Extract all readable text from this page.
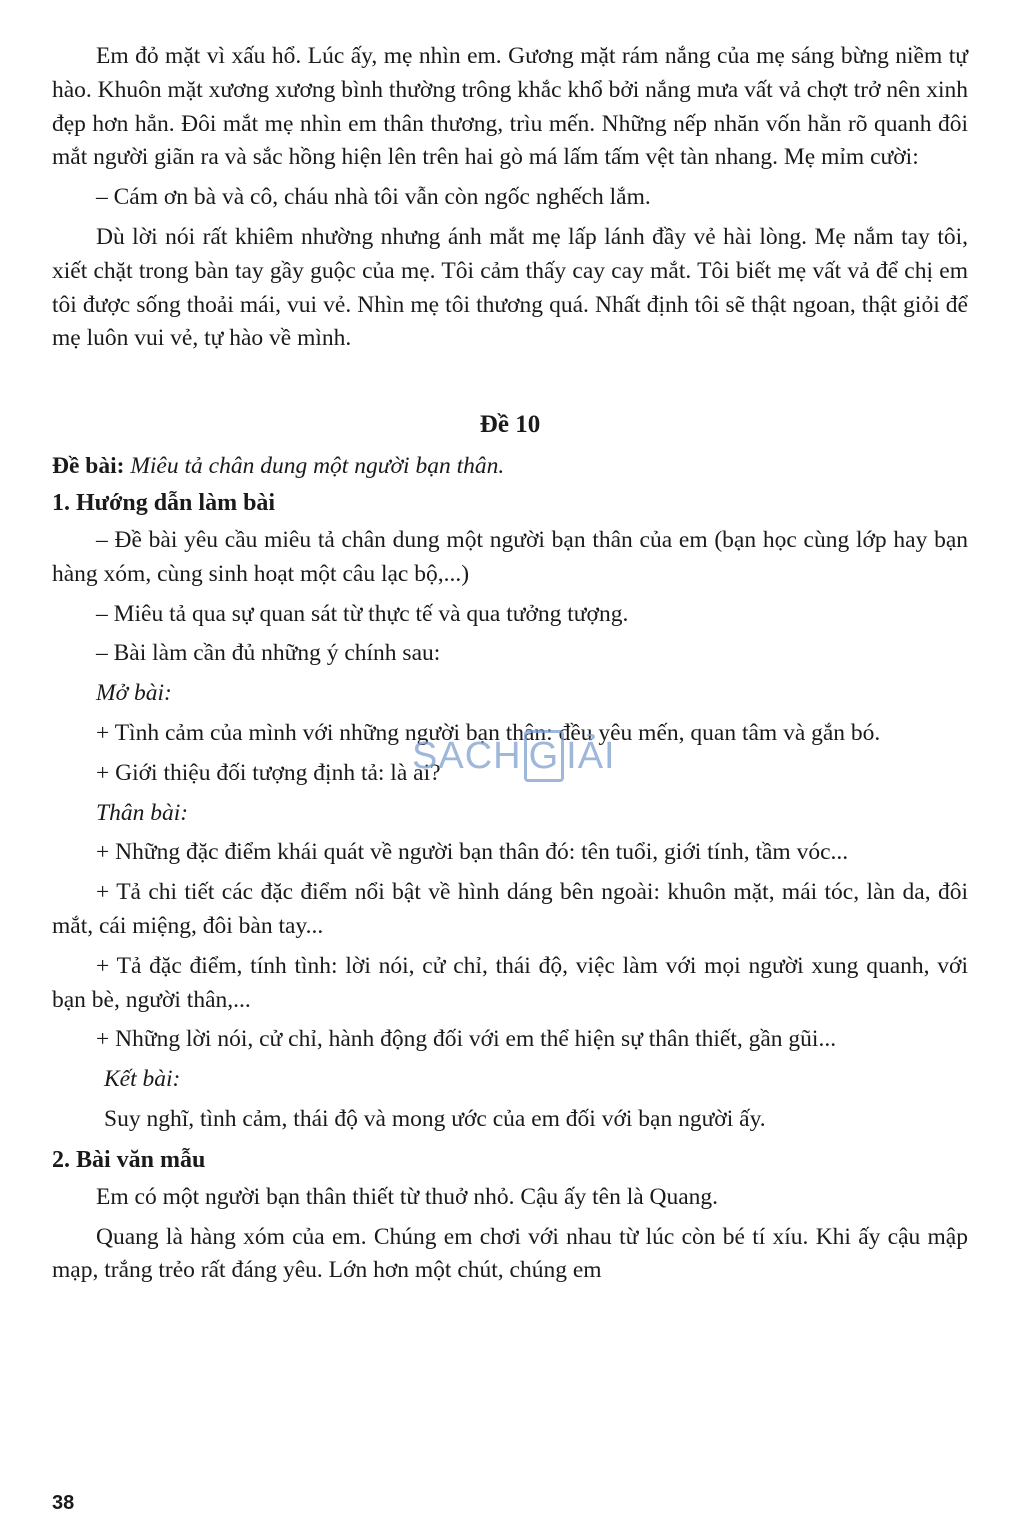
Em đỏ mặt vì xấu hổ. Lúc ấy, mẹ nhìn em. Gương mặt rám nắng của mẹ sáng bừng niềm tự hào. Khuôn mặt xương xương bình thường trông khắc khổ bởi nắng mưa vất vả chợt trở nên xinh đẹp hơn hẳn. Đôi mắt mẹ nhìn em thân thương, trìu mến. Những nếp nhăn vốn hằn rõ quanh đôi mắt người giãn ra và sắc hồng hiện lên trên hai gò má lấm tấm vệt tàn nhang. Mẹ mỉm cười:

– Cám ơn bà và cô, cháu nhà tôi vẫn còn ngốc nghếch lắm.

Dù lời nói rất khiêm nhường nhưng ánh mắt mẹ lấp lánh đầy vẻ hài lòng. Mẹ nắm tay tôi, xiết chặt trong bàn tay gầy guộc của mẹ. Tôi cảm thấy cay cay mắt. Tôi biết mẹ vất vả để chị em tôi được sống thoải mái, vui vẻ. Nhìn mẹ tôi thương quá. Nhất định tôi sẽ thật ngoan, thật giỏi để mẹ luôn vui vẻ, tự hào về mình.

Đề 10

Đề bài: Miêu tả chân dung một người bạn thân.

1. Hướng dẫn làm bài

– Đề bài yêu cầu miêu tả chân dung một người bạn thân của em (bạn học cùng lớp hay bạn hàng xóm, cùng sinh hoạt một câu lạc bộ,...)

– Miêu tả qua sự quan sát từ thực tế và qua tưởng tượng.

– Bài làm cần đủ những ý chính sau:

Mở bài:

+ Tình cảm của mình với những người bạn thân: đều yêu mến, quan tâm và gắn bó.

+ Giới thiệu đối tượng định tả: là ai?

Thân bài:

+ Những đặc điểm khái quát về người bạn thân đó: tên tuổi, giới tính, tầm vóc...

+ Tả chi tiết các đặc điểm nổi bật về hình dáng bên ngoài: khuôn mặt, mái tóc, làn da, đôi mắt, cái miệng, đôi bàn tay...

+ Tả đặc điểm, tính tình: lời nói, cử chỉ, thái độ, việc làm với mọi người xung quanh, với bạn bè, người thân,...

+ Những lời nói, cử chỉ, hành động đối với em thể hiện sự thân thiết, gần gũi...

Kết bài:

Suy nghĩ, tình cảm, thái độ và mong ước của em đối với bạn người ấy.

2. Bài văn mẫu

Em có một người bạn thân thiết từ thuở nhỏ. Cậu ấy tên là Quang.

Quang là hàng xóm của em. Chúng em chơi với nhau từ lúc còn bé tí xíu. Khi ấy cậu mập mạp, trắng trẻo rất đáng yêu. Lớn hơn một chút, chúng em

SACH G IẢI
38
